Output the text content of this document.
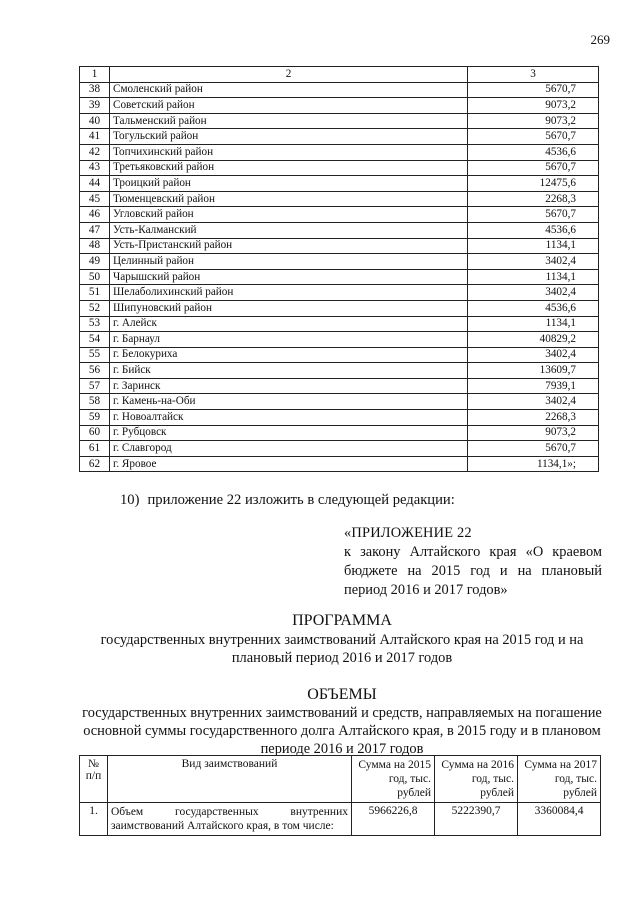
269
1	2	3
38	Смоленский район	5670,7
39	Советский район	9073,2
40	Тальменский район	9073,2
41	Тогульский район	5670,7
42	Топчихинский район	4536,6
43	Третьяковский район	5670,7
44	Троицкий район	12475,6
45	Тюменцевский район	2268,3
46	Угловский район	5670,7
47	Усть-Калманский	4536,6
48	Усть-Пристанский район	1134,1
49	Целинный район	3402,4
50	Чарышский район	1134,1
51	Шелаболихинский район	3402,4
52	Шипуновский район	4536,6
53	г. Алейск	1134,1
54	г. Барнаул	40829,2
55	г. Белокуриха	3402,4
56	г. Бийск	13609,7
57	г. Заринск	7939,1
58	г. Камень-на-Оби	3402,4
59	г. Новоалтайск	2268,3
60	г. Рубцовск	9073,2
61	г. Славгород	5670,7
62	г. Яровое	1134,1»;
10) приложение 22 изложить в следующей редакции:
«ПРИЛОЖЕНИЕ 22
к закону Алтайского края «О краевом бюджете на 2015 год и на плановый период 2016 и 2017 годов»
ПРОГРАММА
государственных внутренних заимствований Алтайского края на 2015 год и на плановый период 2016 и 2017 годов
ОБЪЕМЫ
государственных внутренних заимствований и средств, направляемых на погашение основной суммы государственного долга Алтайского края, в 2015 году и в плановом периоде 2016 и 2017 годов
№ п/п	Вид заимствований	Сумма на 2015 год, тыс. рублей	Сумма на 2016 год, тыс. рублей	Сумма на 2017 год, тыс. рублей
1.	Объем государственных внутренних заимствований Алтайского края, в том числе:	5966226,8	5222390,7	3360084,4
